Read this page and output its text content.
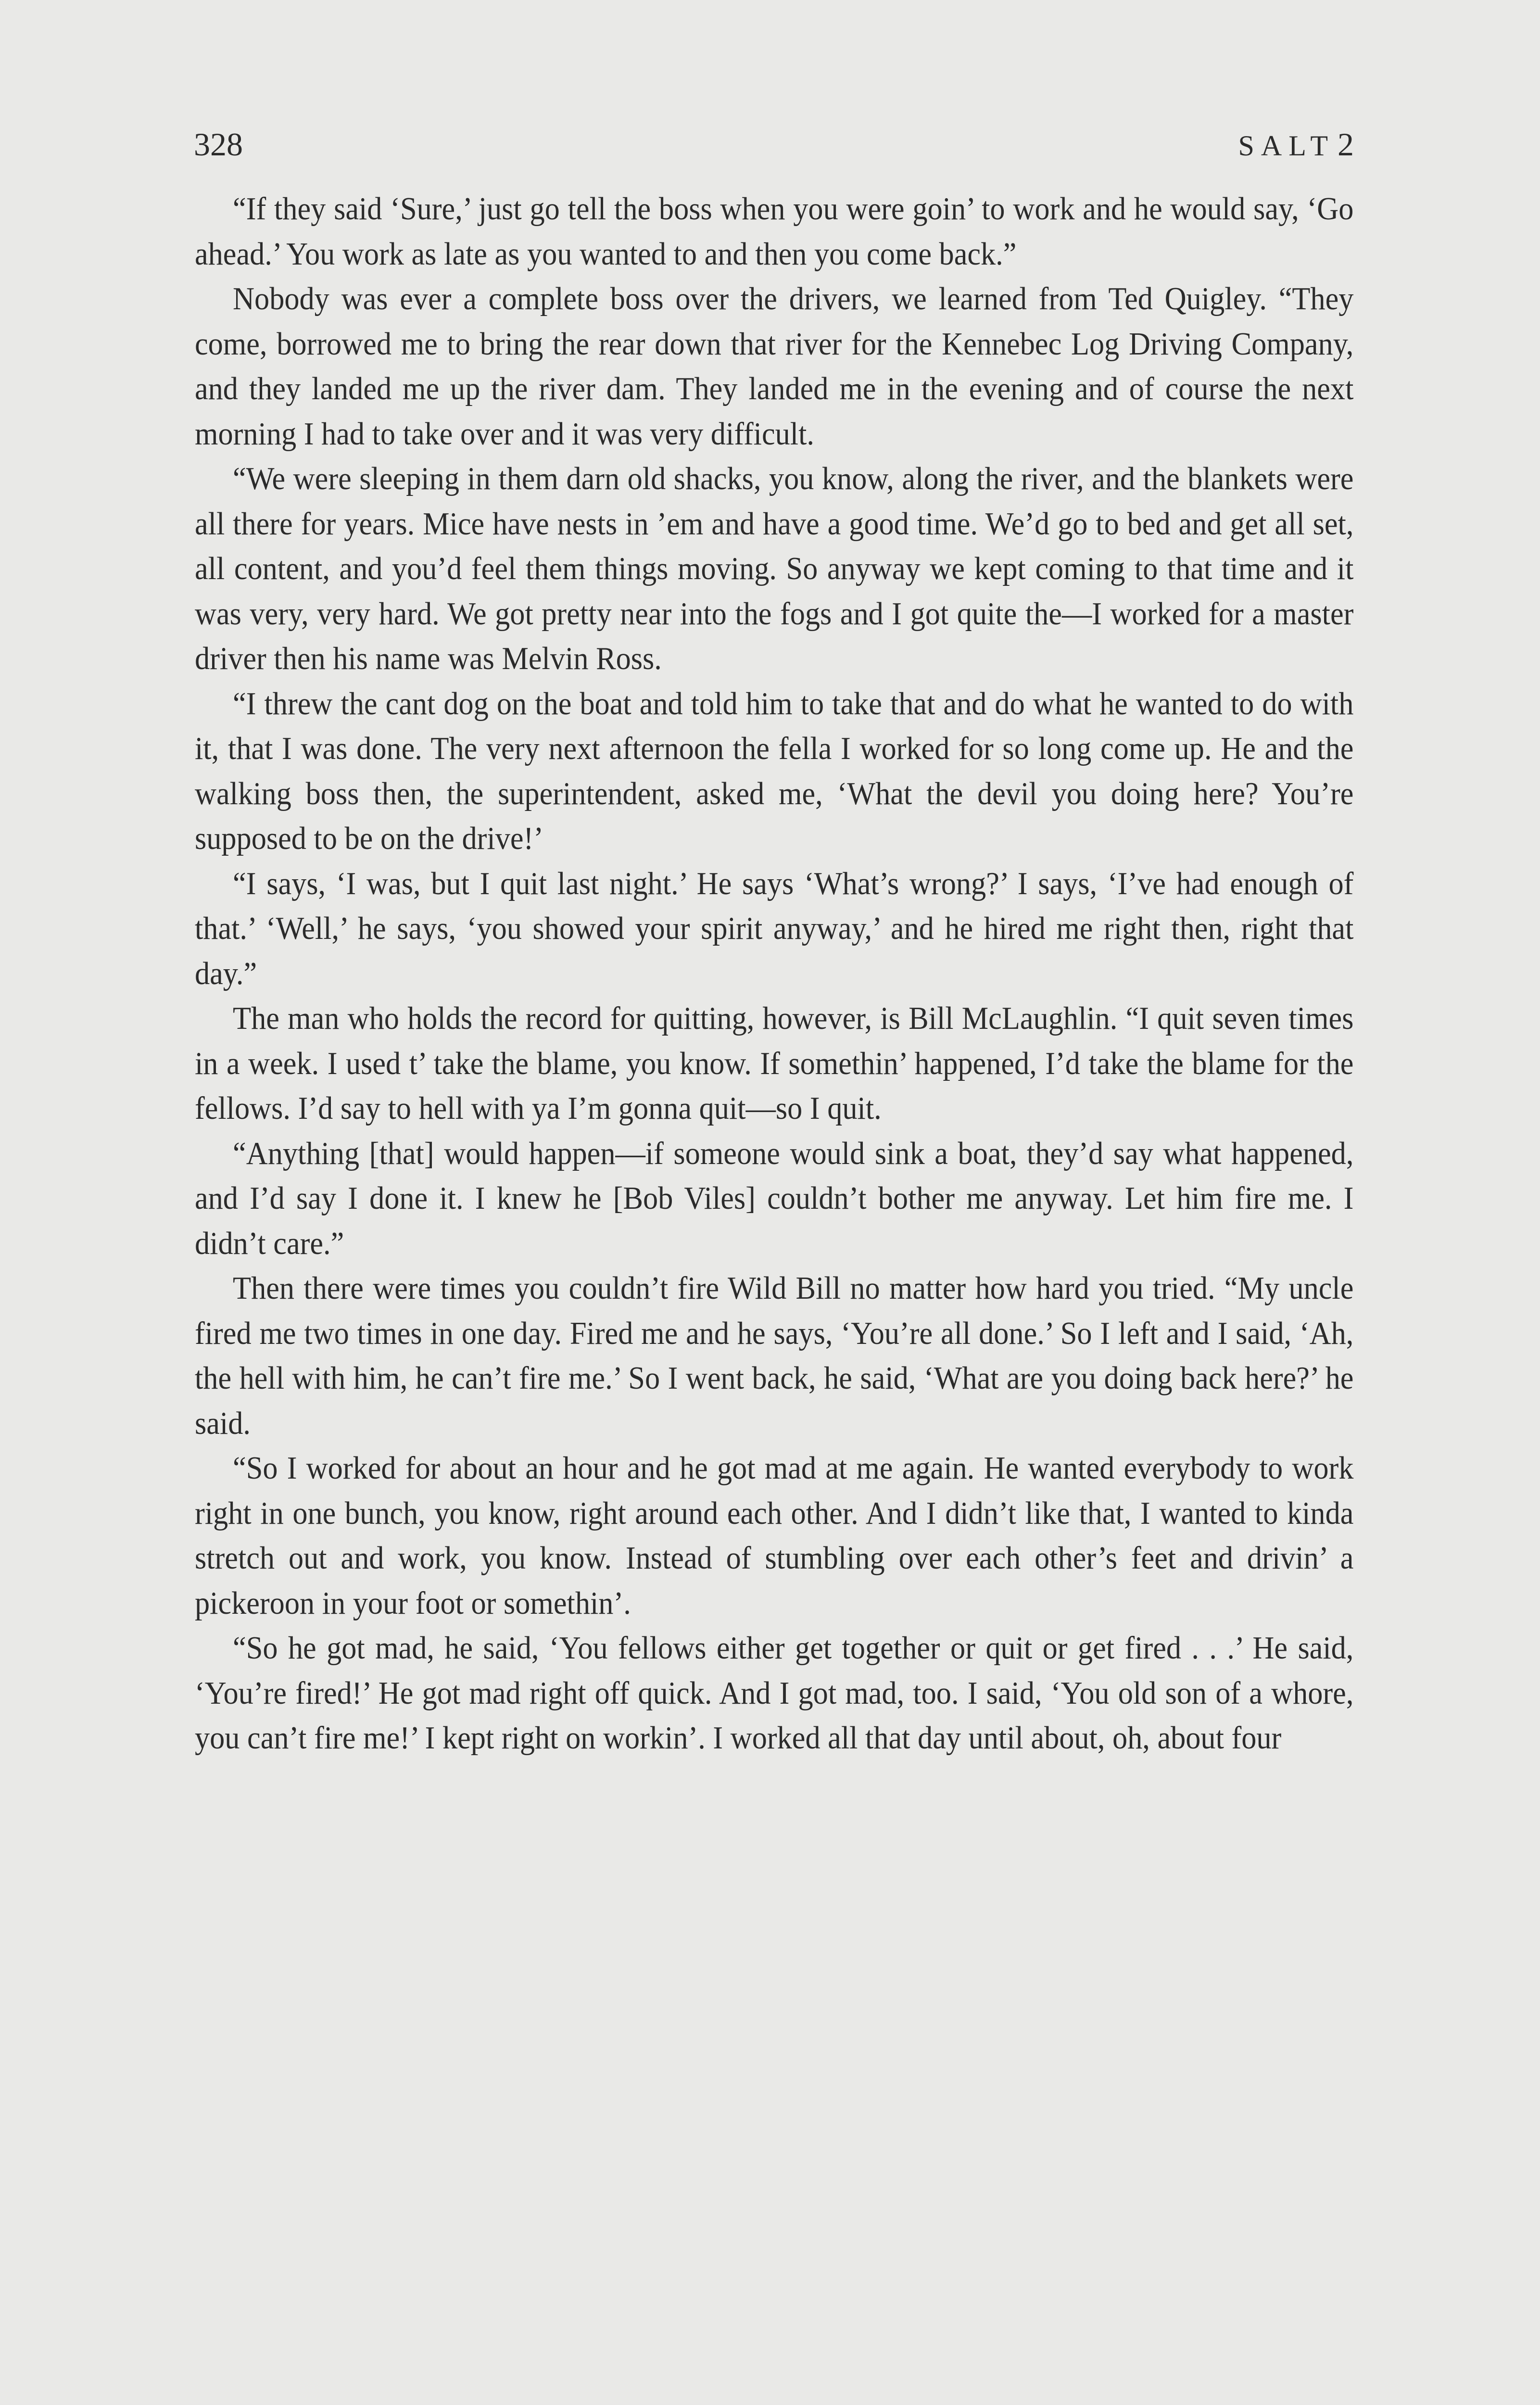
328	SALT2

“If they said ‘Sure,’ just go tell the boss when you were goin’ to work and he would say, ‘Go ahead.’ You work as late as you wanted to and then you come back.”

Nobody was ever a complete boss over the drivers, we learned from Ted Quigley. “They come, borrowed me to bring the rear down that river for the Kennebec Log Driving Company, and they landed me up the river dam. They landed me in the evening and of course the next morning I had to take over and it was very difficult.

“We were sleeping in them darn old shacks, you know, along the river, and the blankets were all there for years. Mice have nests in ’em and have a good time. We’d go to bed and get all set, all content, and you’d feel them things moving. So anyway we kept coming to that time and it was very, very hard. We got pretty near into the fogs and I got quite the—I worked for a master driver then his name was Melvin Ross.

“I threw the cant dog on the boat and told him to take that and do what he wanted to do with it, that I was done. The very next afternoon the fella I worked for so long come up. He and the walking boss then, the superintendent, asked me, ‘What the devil you doing here? You’re supposed to be on the drive!’

“I says, ‘I was, but I quit last night.’ He says ‘What’s wrong?’ I says, ‘I’ve had enough of that.’ ‘Well,’ he says, ‘you showed your spirit anyway,’ and he hired me right then, right that day.”

The man who holds the record for quitting, however, is Bill McLaughlin. “I quit seven times in a week. I used t’ take the blame, you know. If somethin’ happened, I’d take the blame for the fellows. I’d say to hell with ya I’m gonna quit—so I quit.

“Anything [that] would happen—if someone would sink a boat, they’d say what happened, and I’d say I done it. I knew he [Bob Viles] couldn’t bother me anyway. Let him fire me. I didn’t care.”

Then there were times you couldn’t fire Wild Bill no matter how hard you tried. “My uncle fired me two times in one day. Fired me and he says, ‘You’re all done.’ So I left and I said, ‘Ah, the hell with him, he can’t fire me.’ So I went back, he said, ‘What are you doing back here?’ he said.

“So I worked for about an hour and he got mad at me again. He wanted everybody to work right in one bunch, you know, right around each other. And I didn’t like that, I wanted to kinda stretch out and work, you know. Instead of stumbling over each other’s feet and drivin’ a pickeroon in your foot or somethin’.

“So he got mad, he said, ‘You fellows either get together or quit or get fired . . .’ He said, ‘You’re fired!’ He got mad right off quick. And I got mad, too. I said, ‘You old son of a whore, you can’t fire me!’ I kept right on workin’. I worked all that day until about, oh, about four
